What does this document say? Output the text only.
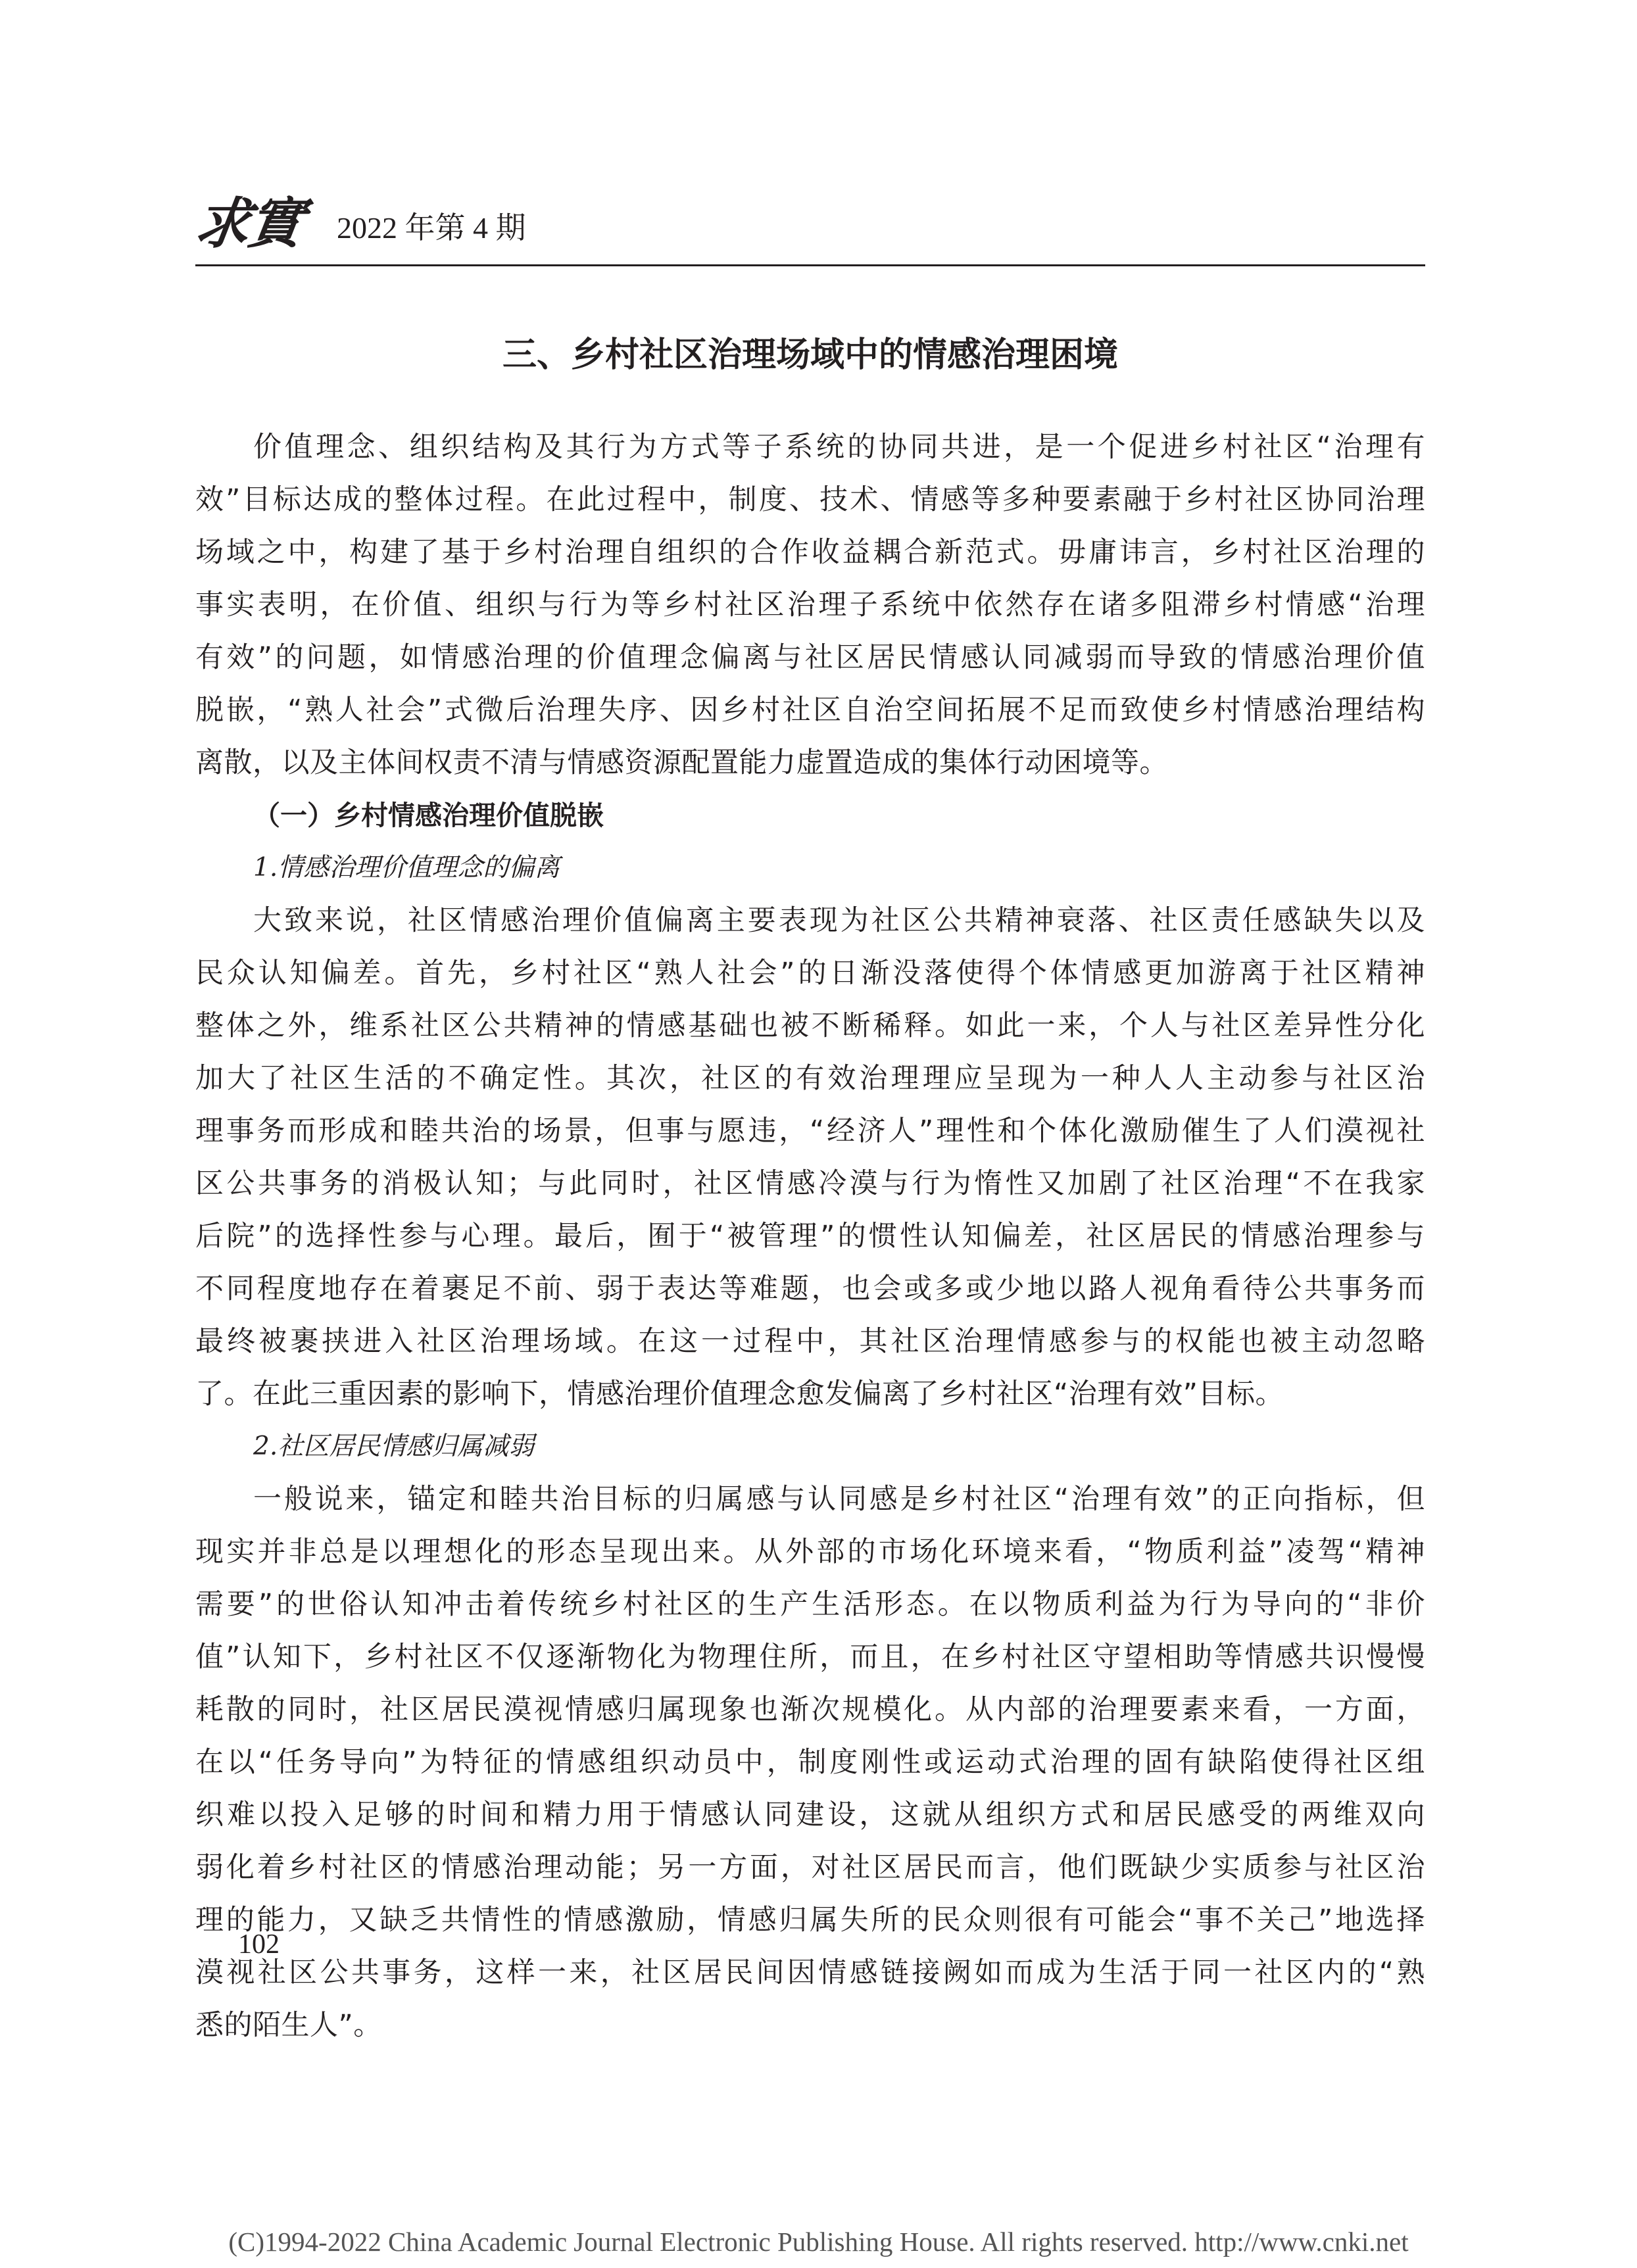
求實 2022 年第 4 期
三、乡村社区治理场域中的情感治理困境

价值理念、组织结构及其行为方式等子系统的协同共进，是一个促进乡村社区“治理有

效”目标达成的整体过程。在此过程中，制度、技术、情感等多种要素融于乡村社区协同治理

场域之中，构建了基于乡村治理自组织的合作收益耦合新范式。毋庸讳言，乡村社区治理的

事实表明，在价值、组织与行为等乡村社区治理子系统中依然存在诸多阻滞乡村情感“治理

有效”的问题，如情感治理的价值理念偏离与社区居民情感认同减弱而导致的情感治理价值

脱嵌，“熟人社会”式微后治理失序、因乡村社区自治空间拓展不足而致使乡村情感治理结构

离散，以及主体间权责不清与情感资源配置能力虚置造成的集体行动困境等。

（一）乡村情感治理价值脱嵌

1.情感治理价值理念的偏离

大致来说，社区情感治理价值偏离主要表现为社区公共精神衰落、社区责任感缺失以及

民众认知偏差。首先，乡村社区“熟人社会”的日渐没落使得个体情感更加游离于社区精神

整体之外，维系社区公共精神的情感基础也被不断稀释。如此一来，个人与社区差异性分化

加大了社区生活的不确定性。其次，社区的有效治理理应呈现为一种人人主动参与社区治

理事务而形成和睦共治的场景，但事与愿违，“经济人”理性和个体化激励催生了人们漠视社

区公共事务的消极认知；与此同时，社区情感冷漠与行为惰性又加剧了社区治理“不在我家

后院”的选择性参与心理。最后，囿于“被管理”的惯性认知偏差，社区居民的情感治理参与

不同程度地存在着裹足不前、弱于表达等难题，也会或多或少地以路人视角看待公共事务而

最终被裹挟进入社区治理场域。在这一过程中，其社区治理情感参与的权能也被主动忽略

了。在此三重因素的影响下，情感治理价值理念愈发偏离了乡村社区“治理有效”目标。

2.社区居民情感归属减弱

一般说来，锚定和睦共治目标的归属感与认同感是乡村社区“治理有效”的正向指标，但

现实并非总是以理想化的形态呈现出来。从外部的市场化环境来看，“物质利益”凌驾“精神

需要”的世俗认知冲击着传统乡村社区的生产生活形态。在以物质利益为行为导向的“非价

值”认知下，乡村社区不仅逐渐物化为物理住所，而且，在乡村社区守望相助等情感共识慢慢

耗散的同时，社区居民漠视情感归属现象也渐次规模化。从内部的治理要素来看，一方面，

在以“任务导向”为特征的情感组织动员中，制度刚性或运动式治理的固有缺陷使得社区组

织难以投入足够的时间和精力用于情感认同建设，这就从组织方式和居民感受的两维双向

弱化着乡村社区的情感治理动能；另一方面，对社区居民而言，他们既缺少实质参与社区治

理的能力，又缺乏共情性的情感激励，情感归属失所的民众则很有可能会“事不关己”地选择

漠视社区公共事务，这样一来，社区居民间因情感链接阙如而成为生活于同一社区内的“熟

悉的陌生人”。

102
(C)1994-2022 China Academic Journal Electronic Publishing House. All rights reserved. http://www.cnki.net
